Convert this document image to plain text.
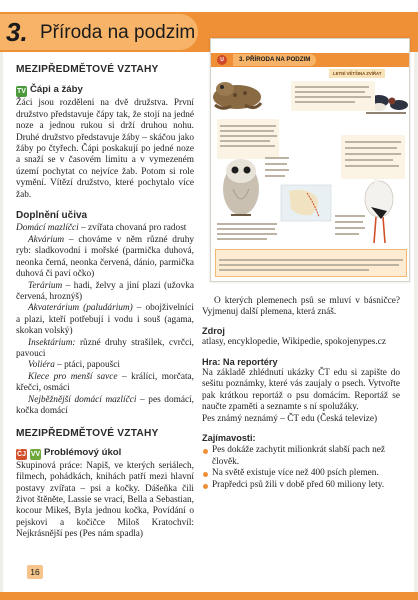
3. Příroda na podzim
U	3. PŘÍRODA NA PODZIM
LETNÍ VĚTŠINA ZVÍŘAT
MEZIPŘEDMĚTOVÉ VZTAHY
TV Čápi a žáby
Žáci jsou rozděleni na dvě družstva. První družstvo představuje čápy tak, že stojí na jedné noze a jednou rukou si drží druhou nohu. Druhé družstvo představuje žáby – skáčou jako žáby po čtyřech. Čápi poskakují po jedné noze a snaží se v časovém limitu a v vymezeném území pochytat co nejvíce žab. Potom si role vymění. Vítězí družstvo, které pochytalo více žab.
Doplnění učiva
Domácí mazlíčci – zvířata chovaná pro radost
Akvárium – chováme v něm různé druhy ryb: sladkovodní i mořské (parmička duhová, neonka černá, neonka červená, dánio, parmička duhová či paví očko)
Terárium – hadi, želvy a jiní plazi (užovka červená, hroznýš)
Akvaterárium (paludárium) – obojživelníci a plazi, kteří potřebují i vodu i souš (agama, skokan volský)
Insektárium: různé druhy strašilek, cvrčci, pavouci
Voliéra – ptáci, papoušci
Klece pro menší savce – králíci, morčata, křečci, osmáci
Nejběžnější domácí mazlíčci – pes domácí, kočka domácí
MEZIPŘEDMĚTOVÉ VZTAHY
ČJ VV Problémový úkol
Skupinová práce: Napiš, ve kterých seriálech, filmech, pohádkách, knihách patří mezi hlavní postavy zvířata – psi a kočky. Dášeňka čili život štěněte, Lassie se vrací, Bella a Sebastian, kocour Mikeš, Byla jednou kočka, Povídání o pejskovi a kočičce Miloš Kratochvíl: Nejkrásnější pes (Pes nám spadla)
O kterých plemenech psů se mluví v básničce? Vyjmenuj další plemena, která znáš.
Zdroj
atlasy, encyklopedie, Wikipedie, spokojenypes.cz
Hra: Na reportéry
Na základě zhlédnutí ukázky ČT edu si zapište do sešitu poznámky, které vás zaujaly o psech. Vytvořte pak krátkou reportáž o psu domácím. Reportáž se naučte zpaměti a seznamte s ní spolužáky.
Pes známý neznámý – ČT edu (Česká televize)
Zajímavosti:
Pes dokáže zachytit milionkrát slabší pach než člověk.
Na světě existuje více než 400 psích plemen.
Prapředci psů žili v době před 60 miliony lety.
16
